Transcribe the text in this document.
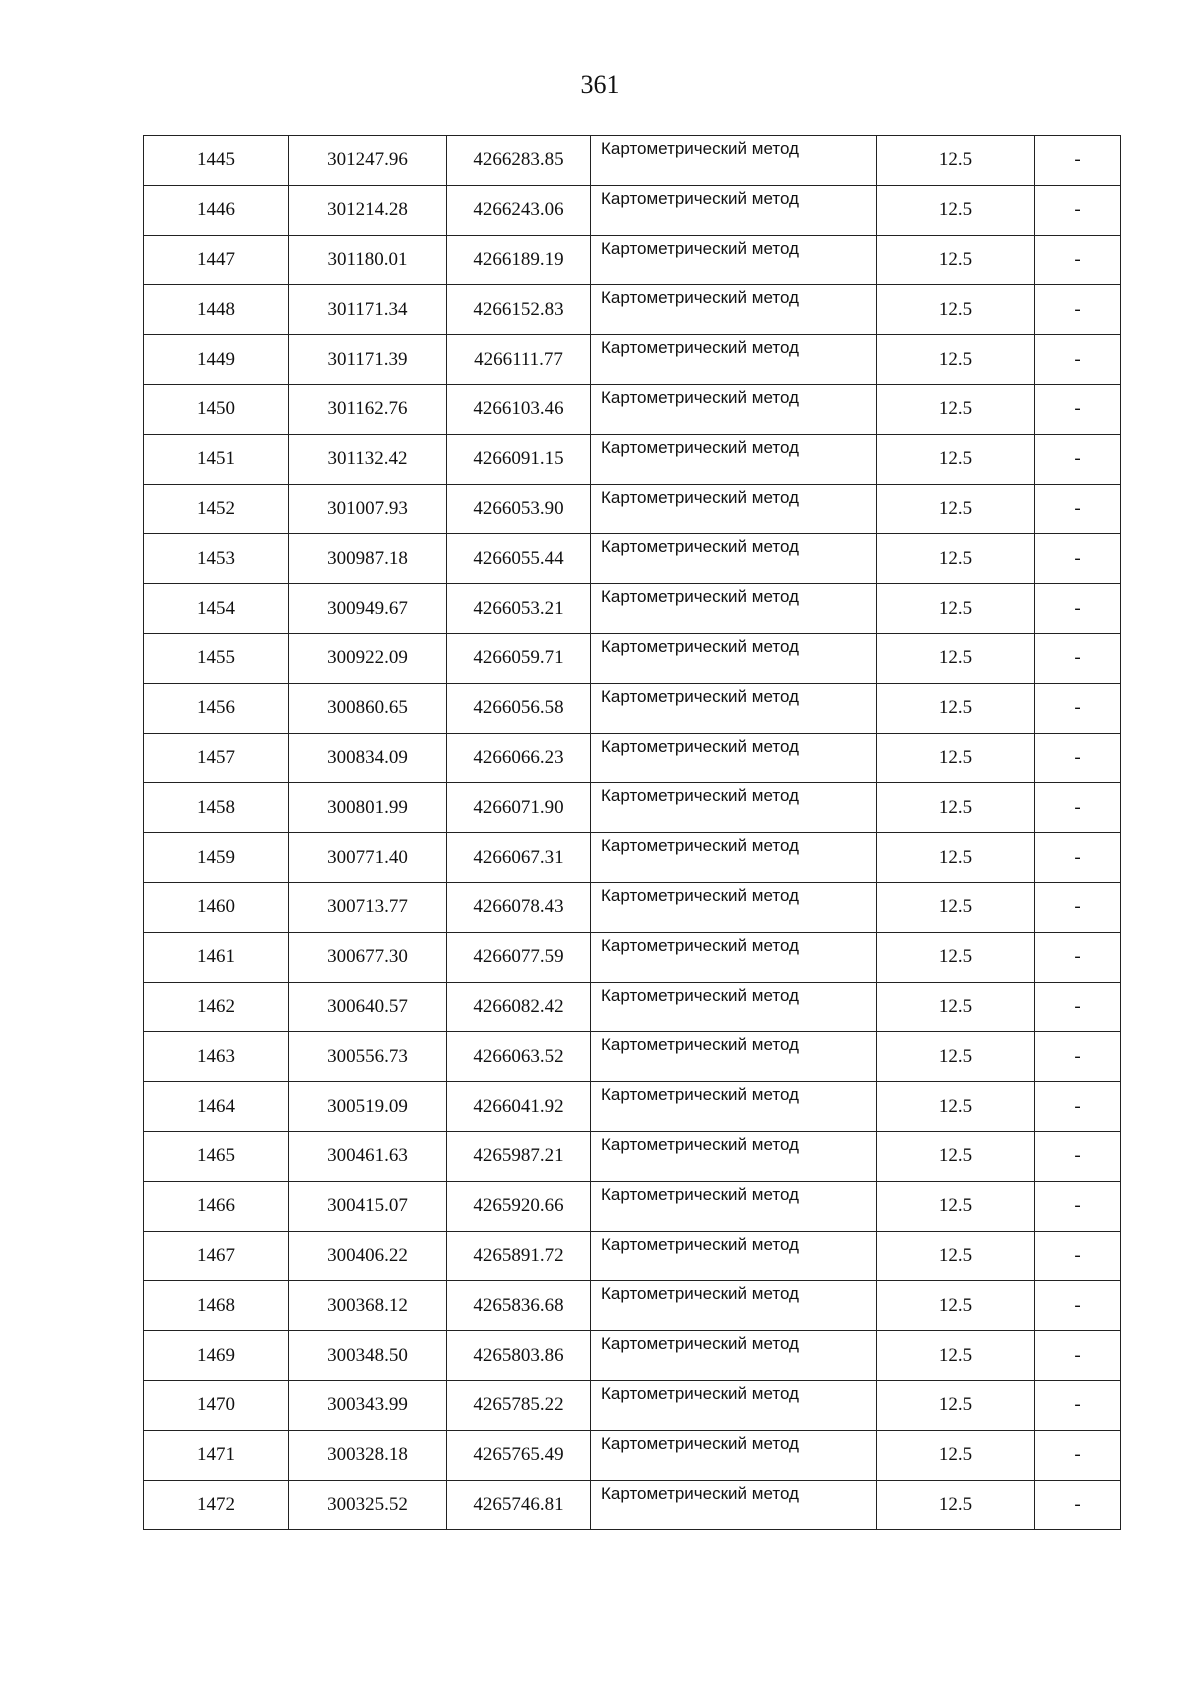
361
1445	301247.96	4266283.85	Картометрический метод	12.5	-
1446	301214.28	4266243.06	Картометрический метод	12.5	-
1447	301180.01	4266189.19	Картометрический метод	12.5	-
1448	301171.34	4266152.83	Картометрический метод	12.5	-
1449	301171.39	4266111.77	Картометрический метод	12.5	-
1450	301162.76	4266103.46	Картометрический метод	12.5	-
1451	301132.42	4266091.15	Картометрический метод	12.5	-
1452	301007.93	4266053.90	Картометрический метод	12.5	-
1453	300987.18	4266055.44	Картометрический метод	12.5	-
1454	300949.67	4266053.21	Картометрический метод	12.5	-
1455	300922.09	4266059.71	Картометрический метод	12.5	-
1456	300860.65	4266056.58	Картометрический метод	12.5	-
1457	300834.09	4266066.23	Картометрический метод	12.5	-
1458	300801.99	4266071.90	Картометрический метод	12.5	-
1459	300771.40	4266067.31	Картометрический метод	12.5	-
1460	300713.77	4266078.43	Картометрический метод	12.5	-
1461	300677.30	4266077.59	Картометрический метод	12.5	-
1462	300640.57	4266082.42	Картометрический метод	12.5	-
1463	300556.73	4266063.52	Картометрический метод	12.5	-
1464	300519.09	4266041.92	Картометрический метод	12.5	-
1465	300461.63	4265987.21	Картометрический метод	12.5	-
1466	300415.07	4265920.66	Картометрический метод	12.5	-
1467	300406.22	4265891.72	Картометрический метод	12.5	-
1468	300368.12	4265836.68	Картометрический метод	12.5	-
1469	300348.50	4265803.86	Картометрический метод	12.5	-
1470	300343.99	4265785.22	Картометрический метод	12.5	-
1471	300328.18	4265765.49	Картометрический метод	12.5	-
1472	300325.52	4265746.81	Картометрический метод	12.5	-
